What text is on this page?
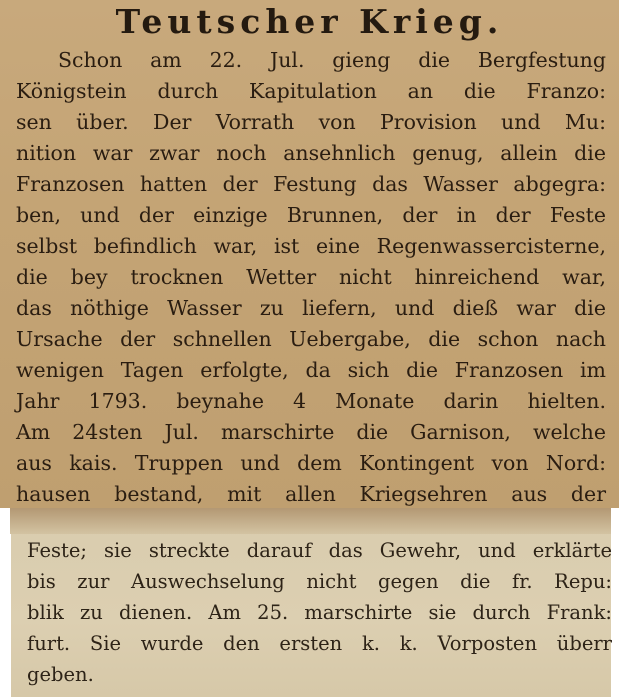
Teutscher Krieg.
Schon am 22. Jul. gieng die Bergfestung
Königstein durch Kapitulation an die Franzo:
sen über. Der Vorrath von Provision und Mu:
nition war zwar noch ansehnlich genug, allein die
Franzosen hatten der Festung das Wasser abgegra:
ben, und der einzige Brunnen, der in der Feste
selbst befindlich war, ist eine Regenwassercisterne,
die bey trocknen Wetter nicht hinreichend war,
das nöthige Wasser zu liefern, und dieß war die
Ursache der schnellen Uebergabe, die schon nach
wenigen Tagen erfolgte, da sich die Franzosen im
Jahr 1793. beynahe 4 Monate darin hielten.
Am 24sten Jul. marschirte die Garnison, welche
aus kais. Truppen und dem Kontingent von Nord:
hausen bestand, mit allen Kriegsehren aus der
Feste; sie streckte darauf das Gewehr, und erklärte
bis zur Auswechselung nicht gegen die fr. Repu:
blik zu dienen. Am 25. marschirte sie durch Frank:
furt. Sie wurde den ersten k. k. Vorposten überr
geben.
